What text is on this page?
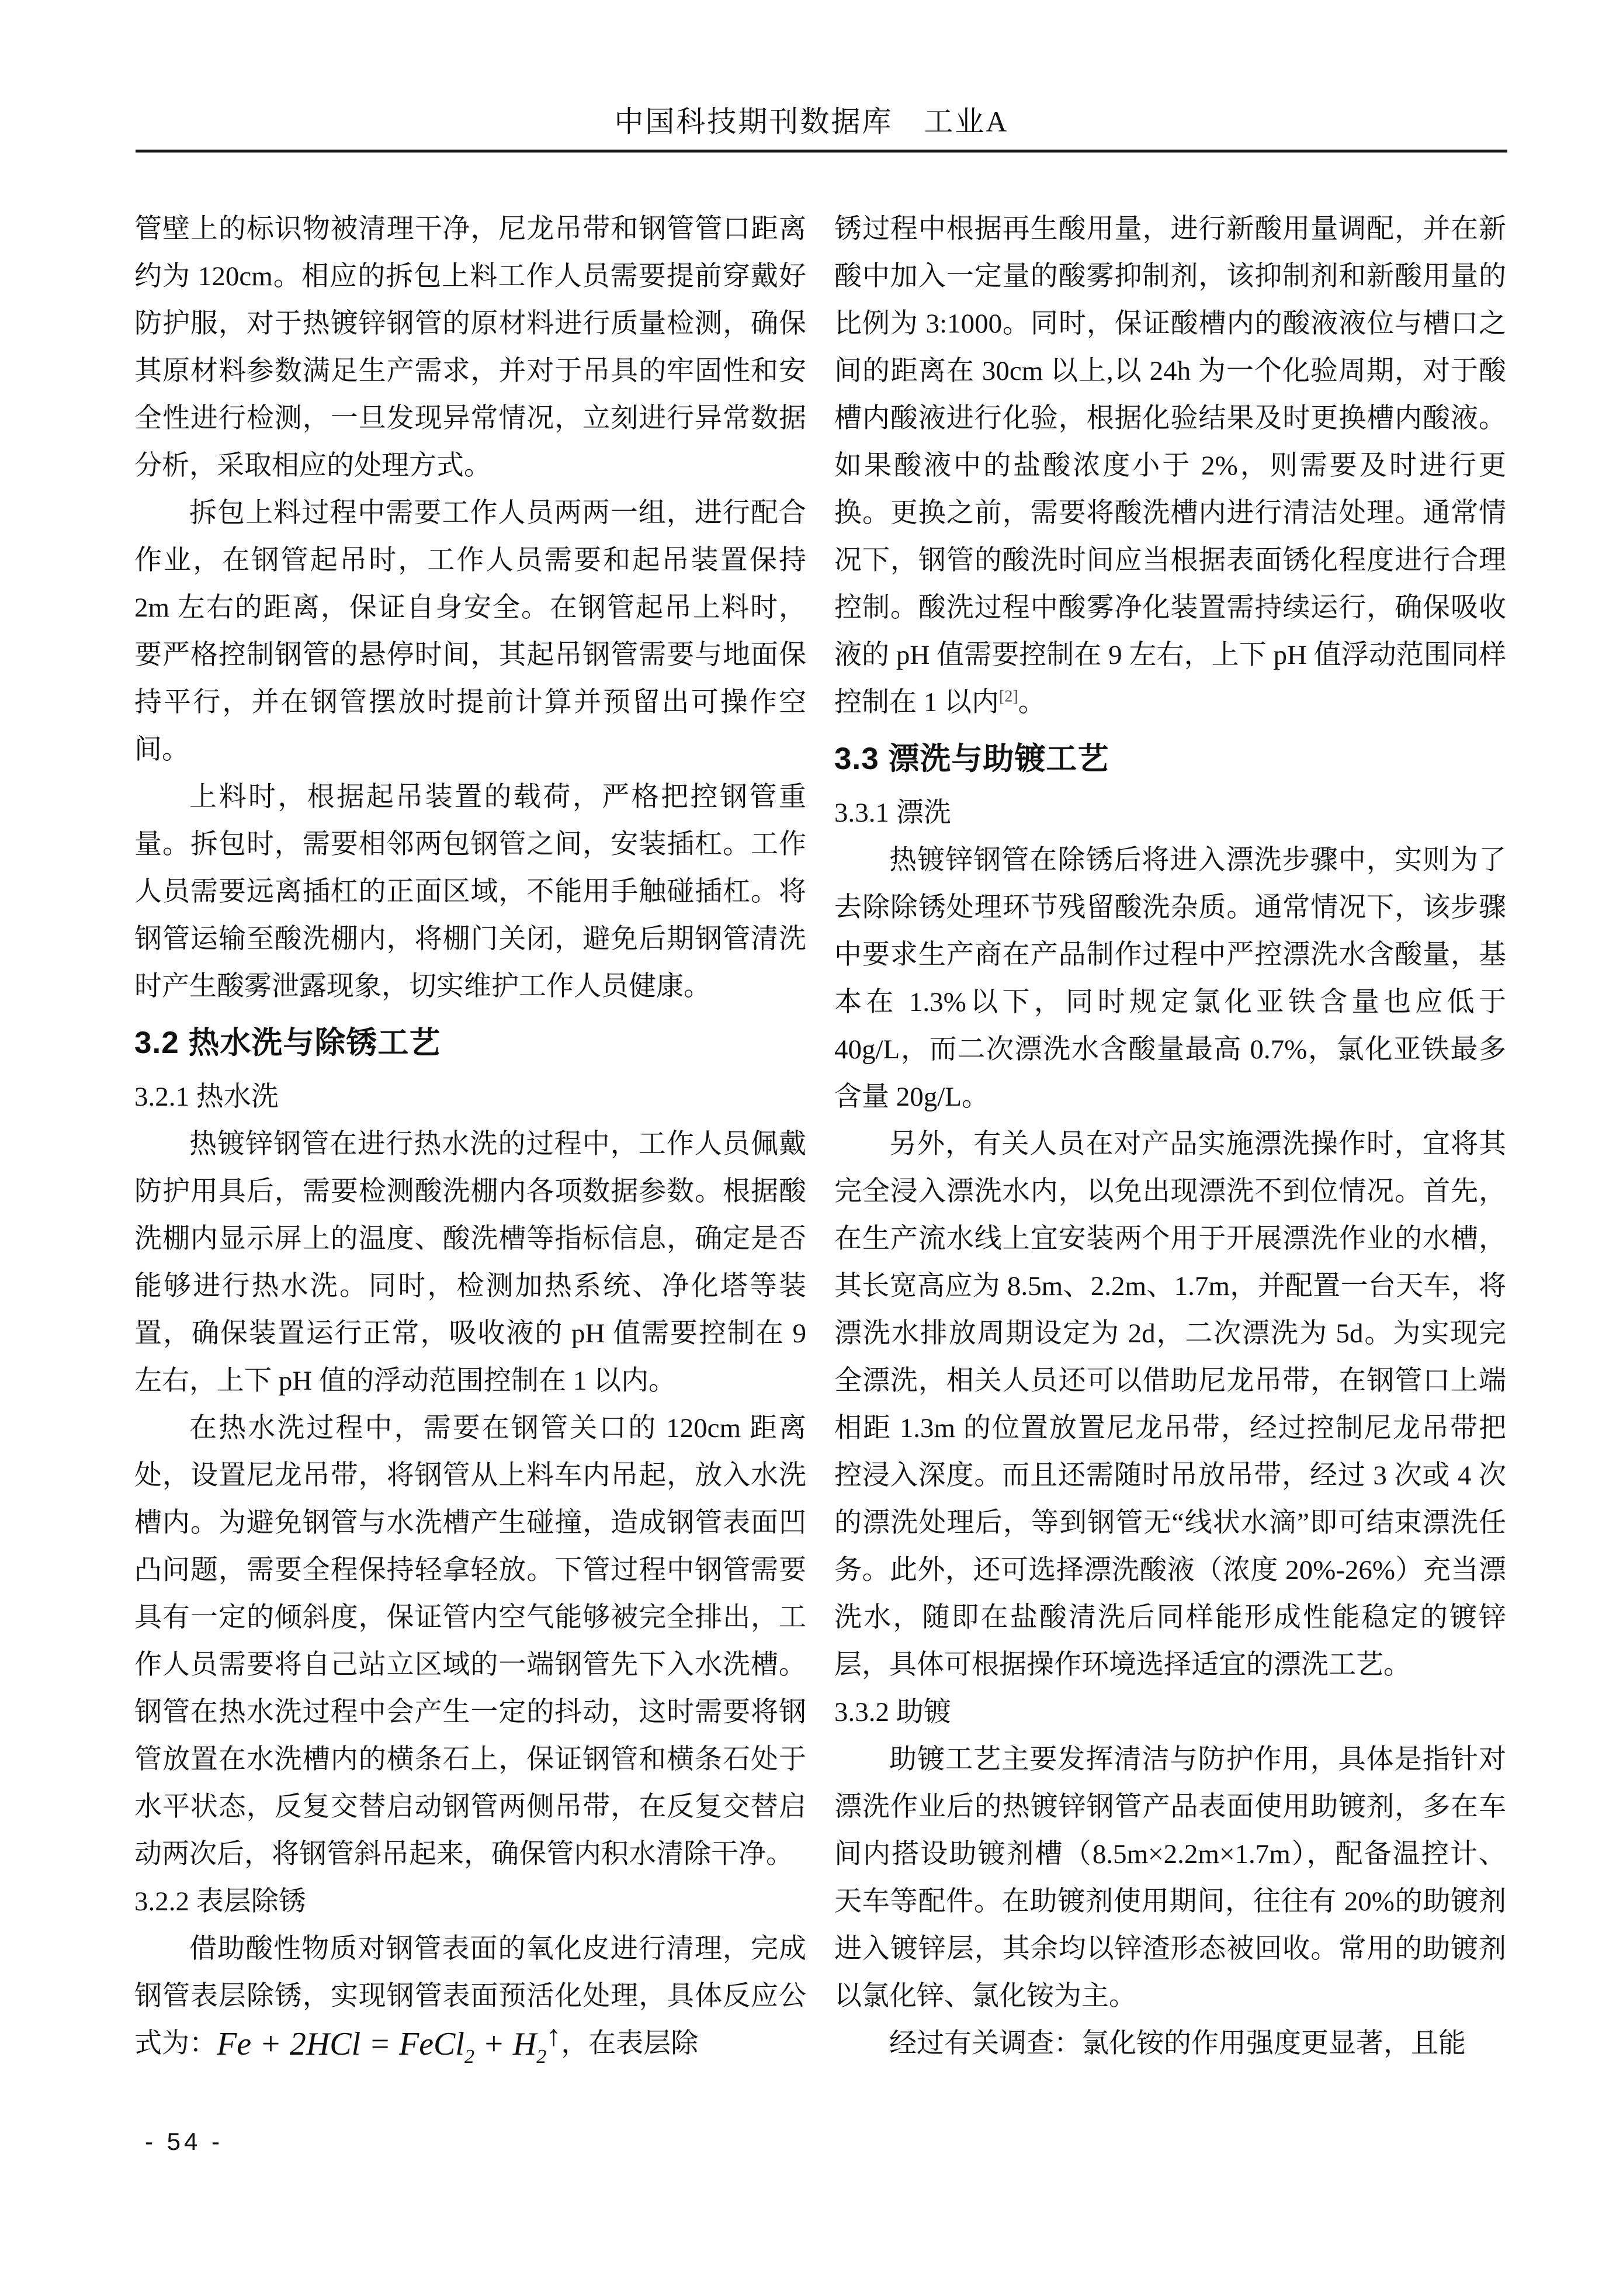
中国科技期刊数据库　工业A

管壁上的标识物被清理干净，尼龙吊带和钢管管口距离约为 120cm。相应的拆包上料工作人员需要提前穿戴好防护服，对于热镀锌钢管的原材料进行质量检测，确保其原材料参数满足生产需求，并对于吊具的牢固性和安全性进行检测，一旦发现异常情况，立刻进行异常数据分析，采取相应的处理方式。

拆包上料过程中需要工作人员两两一组，进行配合作业，在钢管起吊时，工作人员需要和起吊装置保持 2m 左右的距离，保证自身安全。在钢管起吊上料时，要严格控制钢管的悬停时间，其起吊钢管需要与地面保持平行，并在钢管摆放时提前计算并预留出可操作空间。

上料时，根据起吊装置的载荷，严格把控钢管重量。拆包时，需要相邻两包钢管之间，安装插杠。工作人员需要远离插杠的正面区域，不能用手触碰插杠。将钢管运输至酸洗棚内，将棚门关闭，避免后期钢管清洗时产生酸雾泄露现象，切实维护工作人员健康。

3.2 热水洗与除锈工艺
3.2.1 热水洗

热镀锌钢管在进行热水洗的过程中，工作人员佩戴防护用具后，需要检测酸洗棚内各项数据参数。根据酸洗棚内显示屏上的温度、酸洗槽等指标信息，确定是否能够进行热水洗。同时，检测加热系统、净化塔等装置，确保装置运行正常，吸收液的 pH 值需要控制在 9 左右，上下 pH 值的浮动范围控制在 1 以内。

在热水洗过程中，需要在钢管关口的 120cm 距离处，设置尼龙吊带，将钢管从上料车内吊起，放入水洗槽内。为避免钢管与水洗槽产生碰撞，造成钢管表面凹凸问题，需要全程保持轻拿轻放。下管过程中钢管需要具有一定的倾斜度，保证管内空气能够被完全排出，工作人员需要将自己站立区域的一端钢管先下入水洗槽。钢管在热水洗过程中会产生一定的抖动，这时需要将钢管放置在水洗槽内的横条石上，保证钢管和横条石处于水平状态，反复交替启动钢管两侧吊带，在反复交替启动两次后，将钢管斜吊起来，确保管内积水清除干净。

3.2.2 表层除锈

借助酸性物质对钢管表面的氧化皮进行清理，完成钢管表层除锈，实现钢管表面预活化处理，具体反应公式为：Fe + 2HCl = FeCl$_2$ + $H_2↑$，在表层除

锈过程中根据再生酸用量，进行新酸用量调配，并在新酸中加入一定量的酸雾抑制剂，该抑制剂和新酸用量的比例为 3:1000。同时，保证酸槽内的酸液液位与槽口之间的距离在 30cm 以上,以 24h 为一个化验周期，对于酸槽内酸液进行化验，根据化验结果及时更换槽内酸液。如果酸液中的盐酸浓度小于 2%，则需要及时进行更换。更换之前，需要将酸洗槽内进行清洁处理。通常情况下，钢管的酸洗时间应当根据表面锈化程度进行合理控制。酸洗过程中酸雾净化装置需持续运行，确保吸收液的 pH 值需要控制在 9 左右，上下 pH 值浮动范围同样控制在 1 以内[2]。

3.3 漂洗与助镀工艺
3.3.1 漂洗

热镀锌钢管在除锈后将进入漂洗步骤中，实则为了去除除锈处理环节残留酸洗杂质。通常情况下，该步骤中要求生产商在产品制作过程中严控漂洗水含酸量，基本在 1.3%以下，同时规定氯化亚铁含量也应低于 40g/L，而二次漂洗水含酸量最高 0.7%，氯化亚铁最多含量 20g/L。

另外，有关人员在对产品实施漂洗操作时，宜将其完全浸入漂洗水内，以免出现漂洗不到位情况。首先，在生产流水线上宜安装两个用于开展漂洗作业的水槽，其长宽高应为 8.5m、2.2m、1.7m，并配置一台天车，将漂洗水排放周期设定为 2d，二次漂洗为 5d。为实现完全漂洗，相关人员还可以借助尼龙吊带，在钢管口上端相距 1.3m 的位置放置尼龙吊带，经过控制尼龙吊带把控浸入深度。而且还需随时吊放吊带，经过 3 次或 4 次的漂洗处理后，等到钢管无“线状水滴”即可结束漂洗任务。此外，还可选择漂洗酸液（浓度 20%-26%）充当漂洗水，随即在盐酸清洗后同样能形成性能稳定的镀锌层，具体可根据操作环境选择适宜的漂洗工艺。

3.3.2 助镀

助镀工艺主要发挥清洁与防护作用，具体是指针对漂洗作业后的热镀锌钢管产品表面使用助镀剂，多在车间内搭设助镀剂槽（8.5m×2.2m×1.7m），配备温控计、天车等配件。在助镀剂使用期间，往往有 20%的助镀剂进入镀锌层，其余均以锌渣形态被回收。常用的助镀剂以氯化锌、氯化铵为主。

经过有关调查：氯化铵的作用强度更显著，且能

- 54 -
